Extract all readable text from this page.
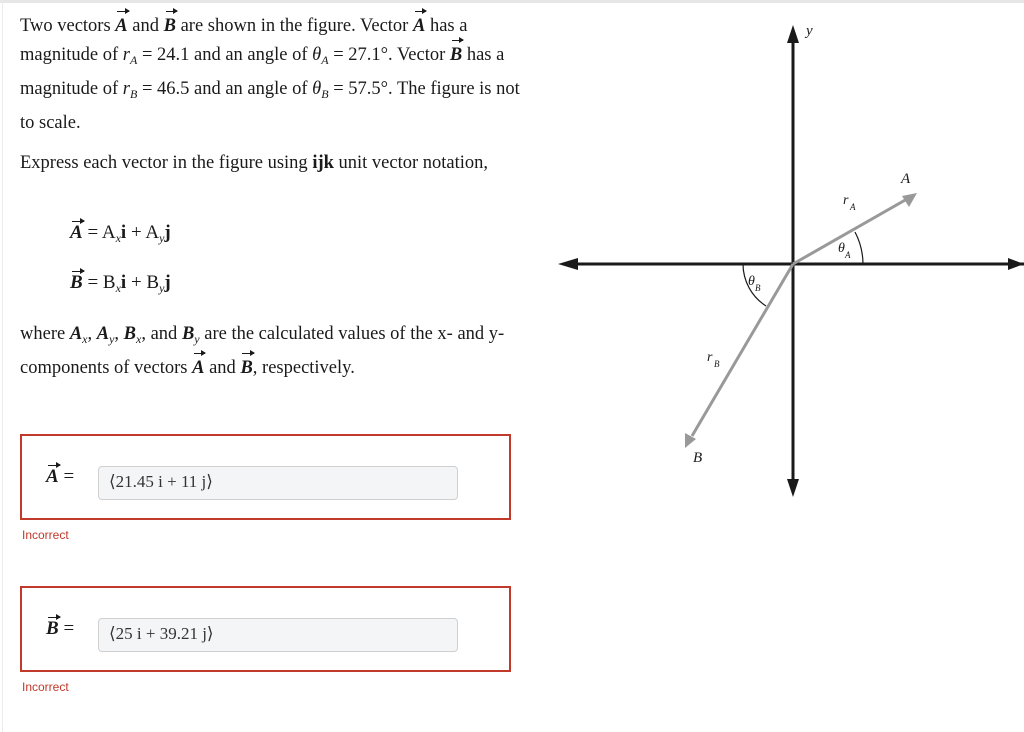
Two vectors A and B are shown in the figure. Vector A has a magnitude of $r_A = 24.1$ and an angle of $\theta_A = 27.1^\circ$. Vector B has a magnitude of $r_B = 46.5$ and an angle of $\theta_B = 57.5^\circ$. The figure is not to scale.

Express each vector in the figure using ijk unit vector notation,

$A = A_xi + A_yj$
$B = B_xi + B_yj$

where $A_x$, $A_y$, $B_x$, and $B_y$ are the calculated values of the x- and y-components of vectors A and B, respectively.

A =	⟨21.45 i + 11 j⟩
Incorrect
B =	⟨25 i + 39.21 j⟩
Incorrect
y
A
r A
θ A
B
r B
θ B
